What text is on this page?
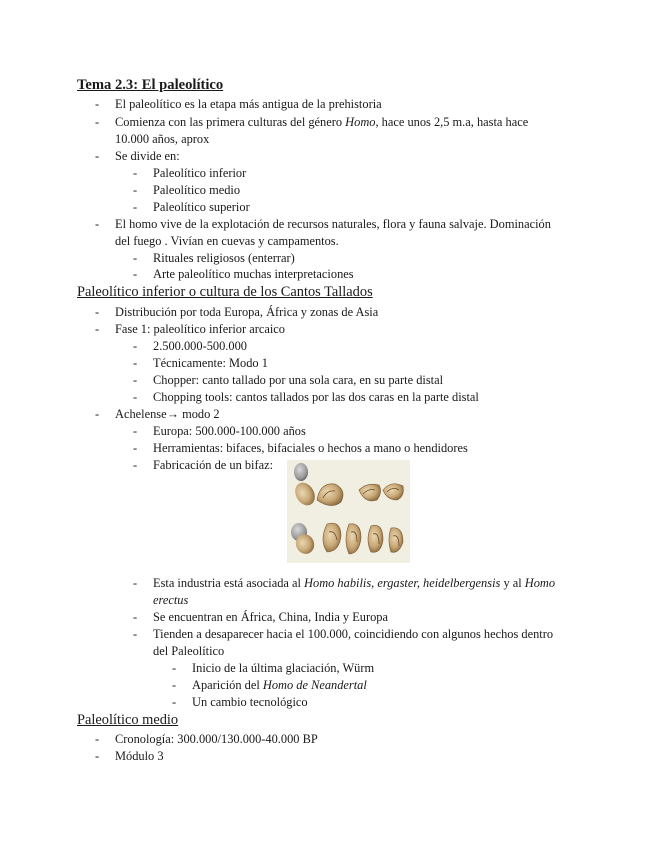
Tema 2.3: El paleolítico
- El paleolítico es la etapa más antigua de la prehistoria
- Comienza con las primera culturas del género Homo, hace unos 2,5 m.a, hasta hace
10.000 años, aprox
- Se divide en:
- Paleolítico inferior
- Paleolítico medio
- Paleolítico superior
- El homo vive de la explotación de recursos naturales, flora y fauna salvaje. Dominación
del fuego . Vivían en cuevas y campamentos.
- Rituales religiosos (enterrar)
- Arte paleolítico muchas interpretaciones
Paleolítico inferior o cultura de los Cantos Tallados
- Distribución por toda Europa, África y zonas de Asia
- Fase 1: paleolítico inferior arcaico
- 2.500.000-500.000
- Técnicamente: Modo 1
- Chopper: canto tallado por una sola cara, en su parte distal
- Chopping tools: cantos tallados por las dos caras en la parte distal
- Achelense→ modo 2
- Europa: 500.000-100.000 años
- Herramientas: bifaces, bifaciales o hechos a mano o hendidores
- Fabricación de un bifaz:
- Esta industria está asociada al Homo habilis, ergaster, heidelbergensis y al Homo
erectus
- Se encuentran en África, China, India y Europa
- Tienden a desaparecer hacia el 100.000, coincidiendo con algunos hechos dentro
del Paleolítico
- Inicio de la última glaciación, Würm
- Aparición del Homo de Neandertal
- Un cambio tecnológico
Paleolítico medio
- Cronología: 300.000/130.000-40.000 BP
- Módulo 3
